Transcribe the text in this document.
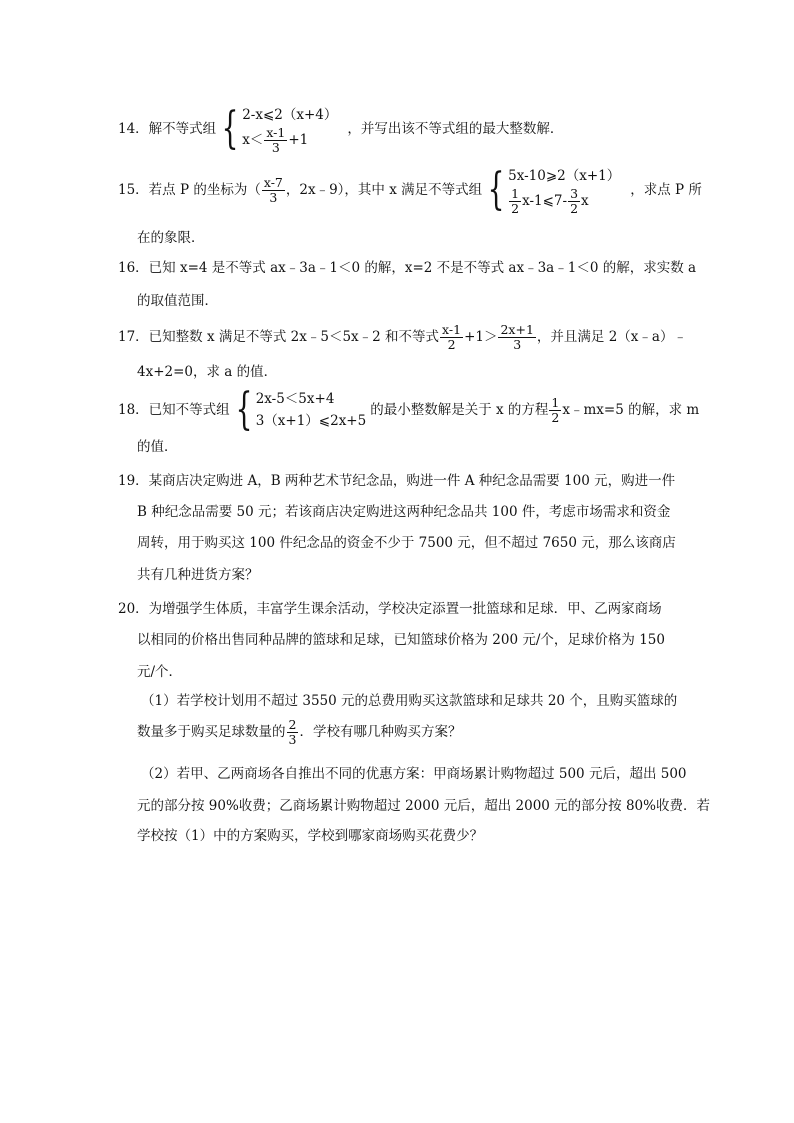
14．解不等式组 { 2-x⩽2（x+4）
$x< \frac{x-1}{3} +1$
，并写出该不等式组的最大整数解．
15．若点 P 的坐标为（ $\frac{x-7}{3}$ ，2x﹣9），其中 x 满足不等式组 { 5x-10⩾2（x+1）
$\frac{1}{2}$ x-1⩽7- $\frac{3}{2}$ x
，求点 P 所
在的象限．
16．已知 x=4 是不等式 ax﹣3a﹣1＜0 的解，x=2 不是不等式 ax﹣3a﹣1＜0 的解，求实数 a
的取值范围．
17．已知整数 x 满足不等式 2x﹣5＜5x﹣2 和不等式 $\frac{x-1}{2} +1> \frac{2x+1}{3}$ ，并且满足 2（x﹣a）﹣
4x+2=0，求 a 的值．
18．已知不等式组 { 2x-5＜5x+4
3（x+1）⩽2x+5
的最小整数解是关于 x 的方程 $\frac{1}{2}$ x﹣mx=5 的解，求 m
的值．
19．某商店决定购进 A，B 两种艺术节纪念品，购进一件 A 种纪念品需要 100 元，购进一件
B 种纪念品需要 50 元；若该商店决定购进这两种纪念品共 100 件，考虑市场需求和资金
周转，用于购买这 100 件纪念品的资金不少于 7500 元，但不超过 7650 元，那么该商店
共有几种进货方案？
20．为增强学生体质，丰富学生课余活动，学校决定添置一批篮球和足球．甲、乙两家商场
以相同的价格出售同种品牌的篮球和足球，已知篮球价格为 200 元/个，足球价格为 150
元/个．
（1）若学校计划用不超过 3550 元的总费用购买这款篮球和足球共 20 个，且购买篮球的
数量多于购买足球数量的 $\frac{2}{3}$ ．学校有哪几种购买方案？
（2）若甲、乙两商场各自推出不同的优惠方案：甲商场累计购物超过 500 元后，超出 500
元的部分按 90%收费；乙商场累计购物超过 2000 元后，超出 2000 元的部分按 80%收费．若
学校按（1）中的方案购买，学校到哪家商场购买花费少？
